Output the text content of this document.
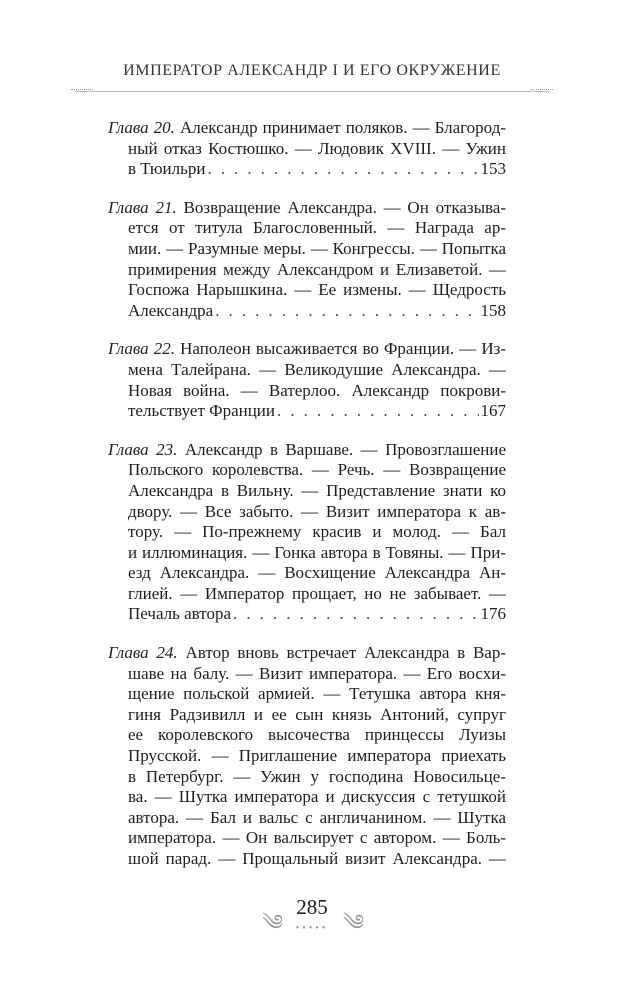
ИМПЕРАТОР АЛЕКСАНДР I И ЕГО ОКРУЖЕНИЕ
Глава 20. Александр принимает поляков. — Благород-
ный отказ Костюшко. — Людовик XVIII. — Ужин
в Тюильри . . .	153
Глава 21. Возвращение Александра. — Он отказыва-
ется от титула Благословенный. — Награда ар-
мии. — Разумные меры. — Конгрессы. — Попытка
примирения между Александром и Елизаветой. —
Госпожа Нарышкина. — Ее измены. — Щедрость
Александра . . .	158
Глава 22. Наполеон высаживается во Франции. — Из-
мена Талейрана. — Великодушие Александра. —
Новая война. — Ватерлоо. Александр покрови-
тельствует Франции . . .	167
Глава 23. Александр в Варшаве. — Провозглашение
Польского королевства. — Речь. — Возвращение
Александра в Вильну. — Представление знати ко
двору. — Все забыто. — Визит императора к ав-
тору. — По-прежнему красив и молод. — Бал
и иллюминация. — Гонка автора в Товяны. — При-
езд Александра. — Восхищение Александра Ан-
глией. — Император прощает, но не забывает. —
Печаль автора . . .	176
Глава 24. Автор вновь встречает Александра в Вар-
шаве на балу. — Визит императора. — Его восхи-
щение польской армией. — Тетушка автора кня-
гиня Радзивилл и ее сын князь Антоний, супруг
ее королевского высочества принцессы Луизы
Прусской. — Приглашение императора приехать
в Петербург. — Ужин у господина Новосильце-
ва. — Шутка императора и дискуссия с тетушкой
автора. — Бал и вальс с англичанином. — Шутка
императора. — Он вальсирует с автором. — Боль-
шой парад. — Прощальный визит Александра. —
༄
285
༄
•••••
